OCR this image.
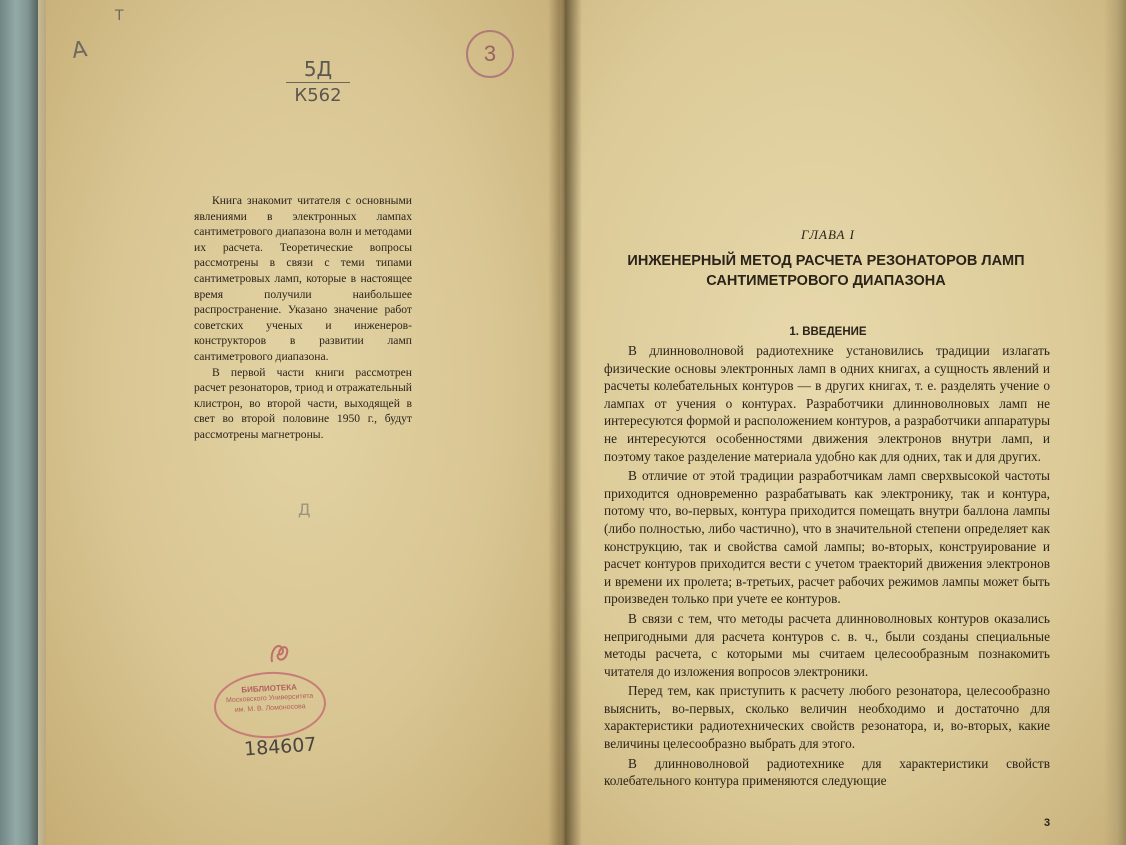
Т
А
5Д
К562
3

Книга знакомит читателя с основными явлениями в электронных лампах сантиметрового диапазона волн и методами их расчета. Теоретические вопросы рассмотрены в связи с теми типами сантиметровых ламп, которые в настоящее время получили наибольшее распространение. Указано значение работ советских ученых и инженеров-конструкторов в развитии ламп сантиметрового диапазона.

В первой части книги рассмотрен расчет резонаторов, триод и отражательный клистрон, во второй части, выходящей в свет во второй половине 1950 г., будут рассмотрены магнетроны.

Д
БИБЛИОТЕКА
Московского Университета
им. М. В. Ломоносова
184607
ГЛАВА I
ИНЖЕНЕРНЫЙ МЕТОД РАСЧЕТА РЕЗОНАТОРОВ ЛАМП
САНТИМЕТРОВОГО ДИАПАЗОНА
1. ВВЕДЕНИЕ

В длинноволновой радиотехнике установились традиции излагать физические основы электронных ламп в одних книгах, а сущность явлений и расчеты колебательных контуров — в других книгах, т. е. разделять учение о лампах от учения о контурах. Разработчики длинноволновых ламп не интересуются формой и расположением контуров, а разработчики аппаратуры не интересуются особенностями движения электронов внутри ламп, и поэтому такое разделение материала удобно как для одних, так и для других.

В отличие от этой традиции разработчикам ламп сверхвысокой частоты приходится одновременно разрабатывать как электронику, так и контура, потому что, во-первых, контура приходится помещать внутри баллона лампы (либо полностью, либо частично), что в значительной степени определяет как конструкцию, так и свойства самой лампы; во-вторых, конструирование и расчет контуров приходится вести с учетом траекторий движения электронов и времени их пролета; в-третьих, расчет рабочих режимов лампы может быть произведен только при учете ее контуров.

В связи с тем, что методы расчета длинноволновых контуров оказались непригодными для расчета контуров с. в. ч., были созданы специальные методы расчета, с которыми мы считаем целесообразным познакомить читателя до изложения вопросов электроники.

Перед тем, как приступить к расчету любого резонатора, целесообразно выяснить, во-первых, сколько величин необходимо и достаточно для характеристики радиотехнических свойств резонатора, и, во-вторых, какие величины целесообразно выбрать для этого.

В длинноволновой радиотехнике для характеристики свойств колебательного контура применяются следующие

3
